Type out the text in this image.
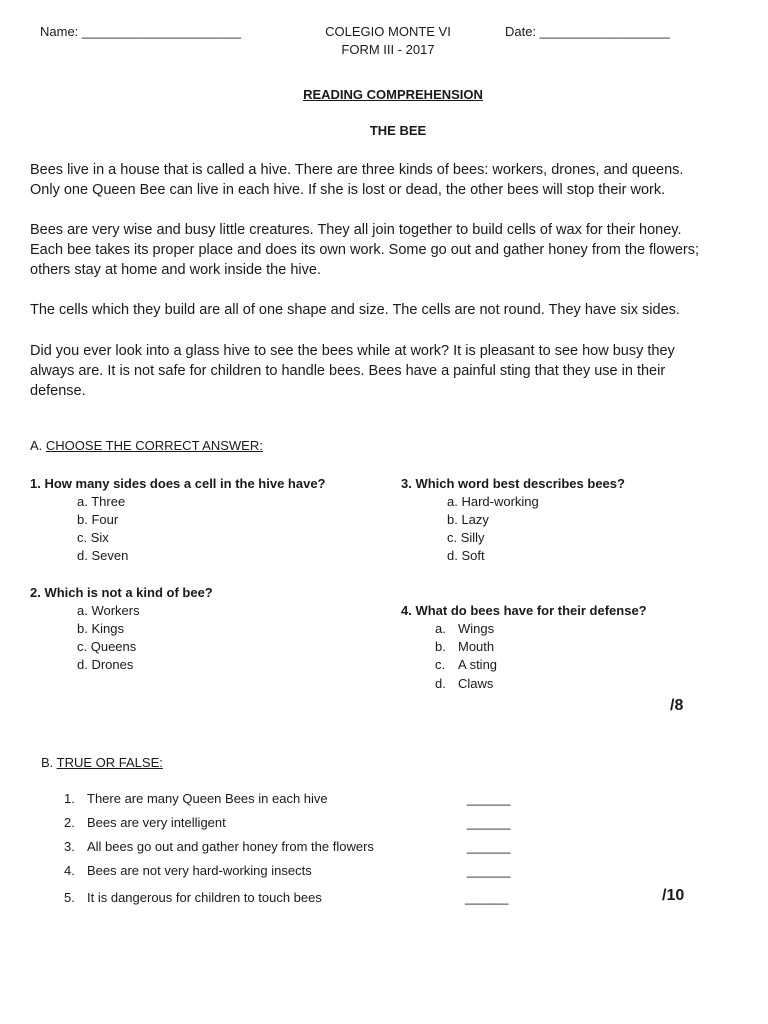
Name: ______________________	COLEGIO MONTE VI
FORM III - 2017
Date: __________________
READING COMPREHENSION
THE BEE

Bees live in a house that is called a hive. There are three kinds of bees: workers, drones, and queens.

Only one Queen Bee can live in each hive. If she is lost or dead, the other bees will stop their work.

Bees are very wise and busy little creatures. They all join together to build cells of wax for their honey.

Each bee takes its proper place and does its own work. Some go out and gather honey from the flowers;

others stay at home and work inside the hive.

The cells which they build are all of one shape and size. The cells are not round. They have six sides.

Did you ever look into a glass hive to see the bees while at work? It is pleasant to see how busy they

always are. It is not safe for children to handle bees. Bees have a painful sting that they use in their

defense.

A. CHOOSE THE CORRECT ANSWER:
1. How many sides does a cell in the hive have?
a. Three
b. Four
c. Six
d. Seven
2. Which is not a kind of bee?
a. Workers
b. Kings
c. Queens
d. Drones
3. Which word best describes bees?
a. Hard-working
b. Lazy
c. Silly
d. Soft
4. What do bees have for their defense?
a. Wings
b. Mouth
c. A sting
d. Claws
/8
B. TRUE OR FALSE:
1. There are many Queen Bees in each hive	______
2. Bees are very intelligent	______
3. All bees go out and gather honey from the flowers	______
4. Bees are not very hard-working insects	______
5. It is dangerous for children to touch bees	______	/10
